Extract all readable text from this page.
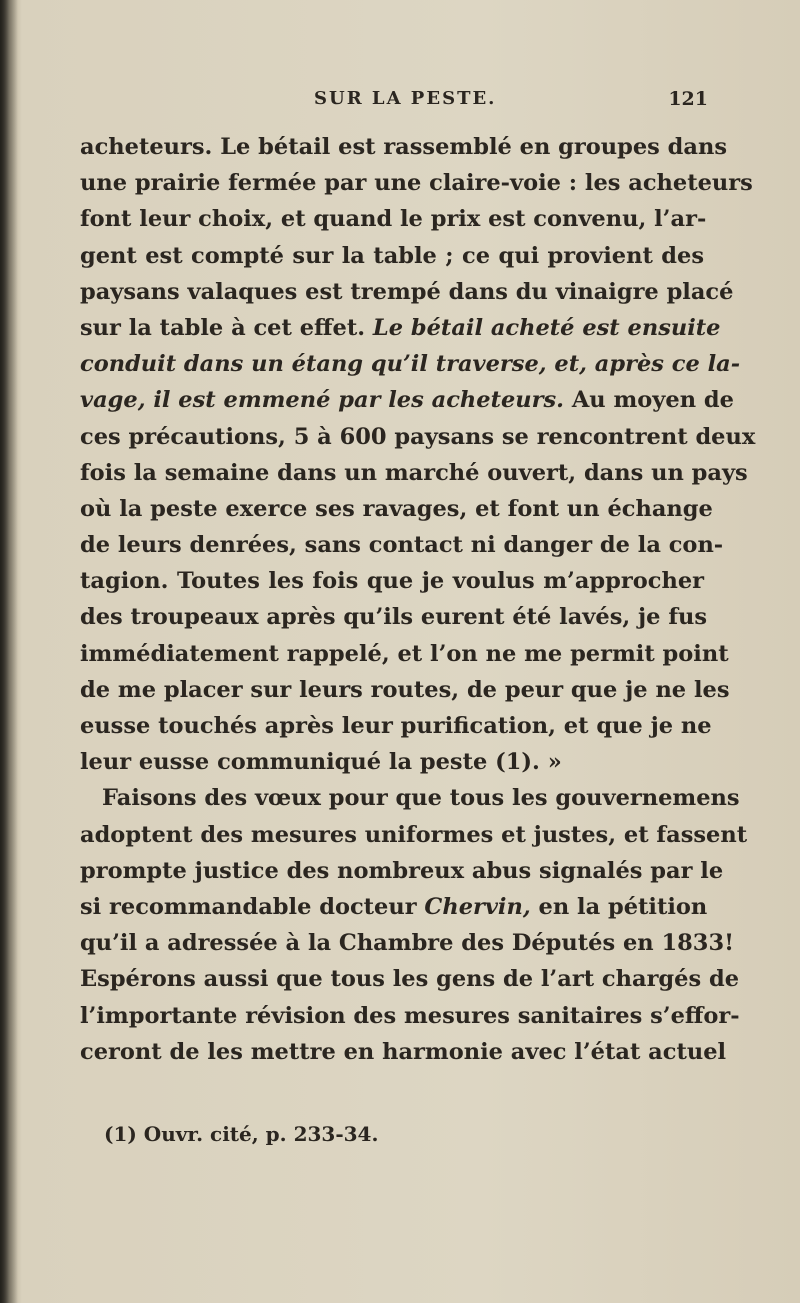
SUR LA PESTE.	121
acheteurs. Le bétail est rassemblé en groupes dans
une prairie fermée par une claire-voie : les acheteurs
font leur choix, et quand le prix est convenu, l’ar-
gent est compté sur la table ; ce qui provient des
paysans valaques est trempé dans du vinaigre placé
sur la table à cet effet. Le bétail acheté est ensuite
conduit dans un étang qu’il traverse, et, après ce la-
vage, il est emmené par les acheteurs. Au moyen de
ces précautions, 5 à 600 paysans se rencontrent deux
fois la semaine dans un marché ouvert, dans un pays
où la peste exerce ses ravages, et font un échange
de leurs denrées, sans contact ni danger de la con-
tagion. Toutes les fois que je voulus m’approcher
des troupeaux après qu’ils eurent été lavés, je fus
immédiatement rappelé, et l’on ne me permit point
de me placer sur leurs routes, de peur que je ne les
eusse touchés après leur purification, et que je ne
leur eusse communiqué la peste (1). »
Faisons des vœux pour que tous les gouvernemens
adoptent des mesures uniformes et justes, et fassent
prompte justice des nombreux abus signalés par le
si recommandable docteur Chervin, en la pétition
qu’il a adressée à la Chambre des Députés en 1833!
Espérons aussi que tous les gens de l’art chargés de
l’importante révision des mesures sanitaires s’effor-
ceront de les mettre en harmonie avec l’état actuel
(1) Ouvr. cité, p. 233-34.
